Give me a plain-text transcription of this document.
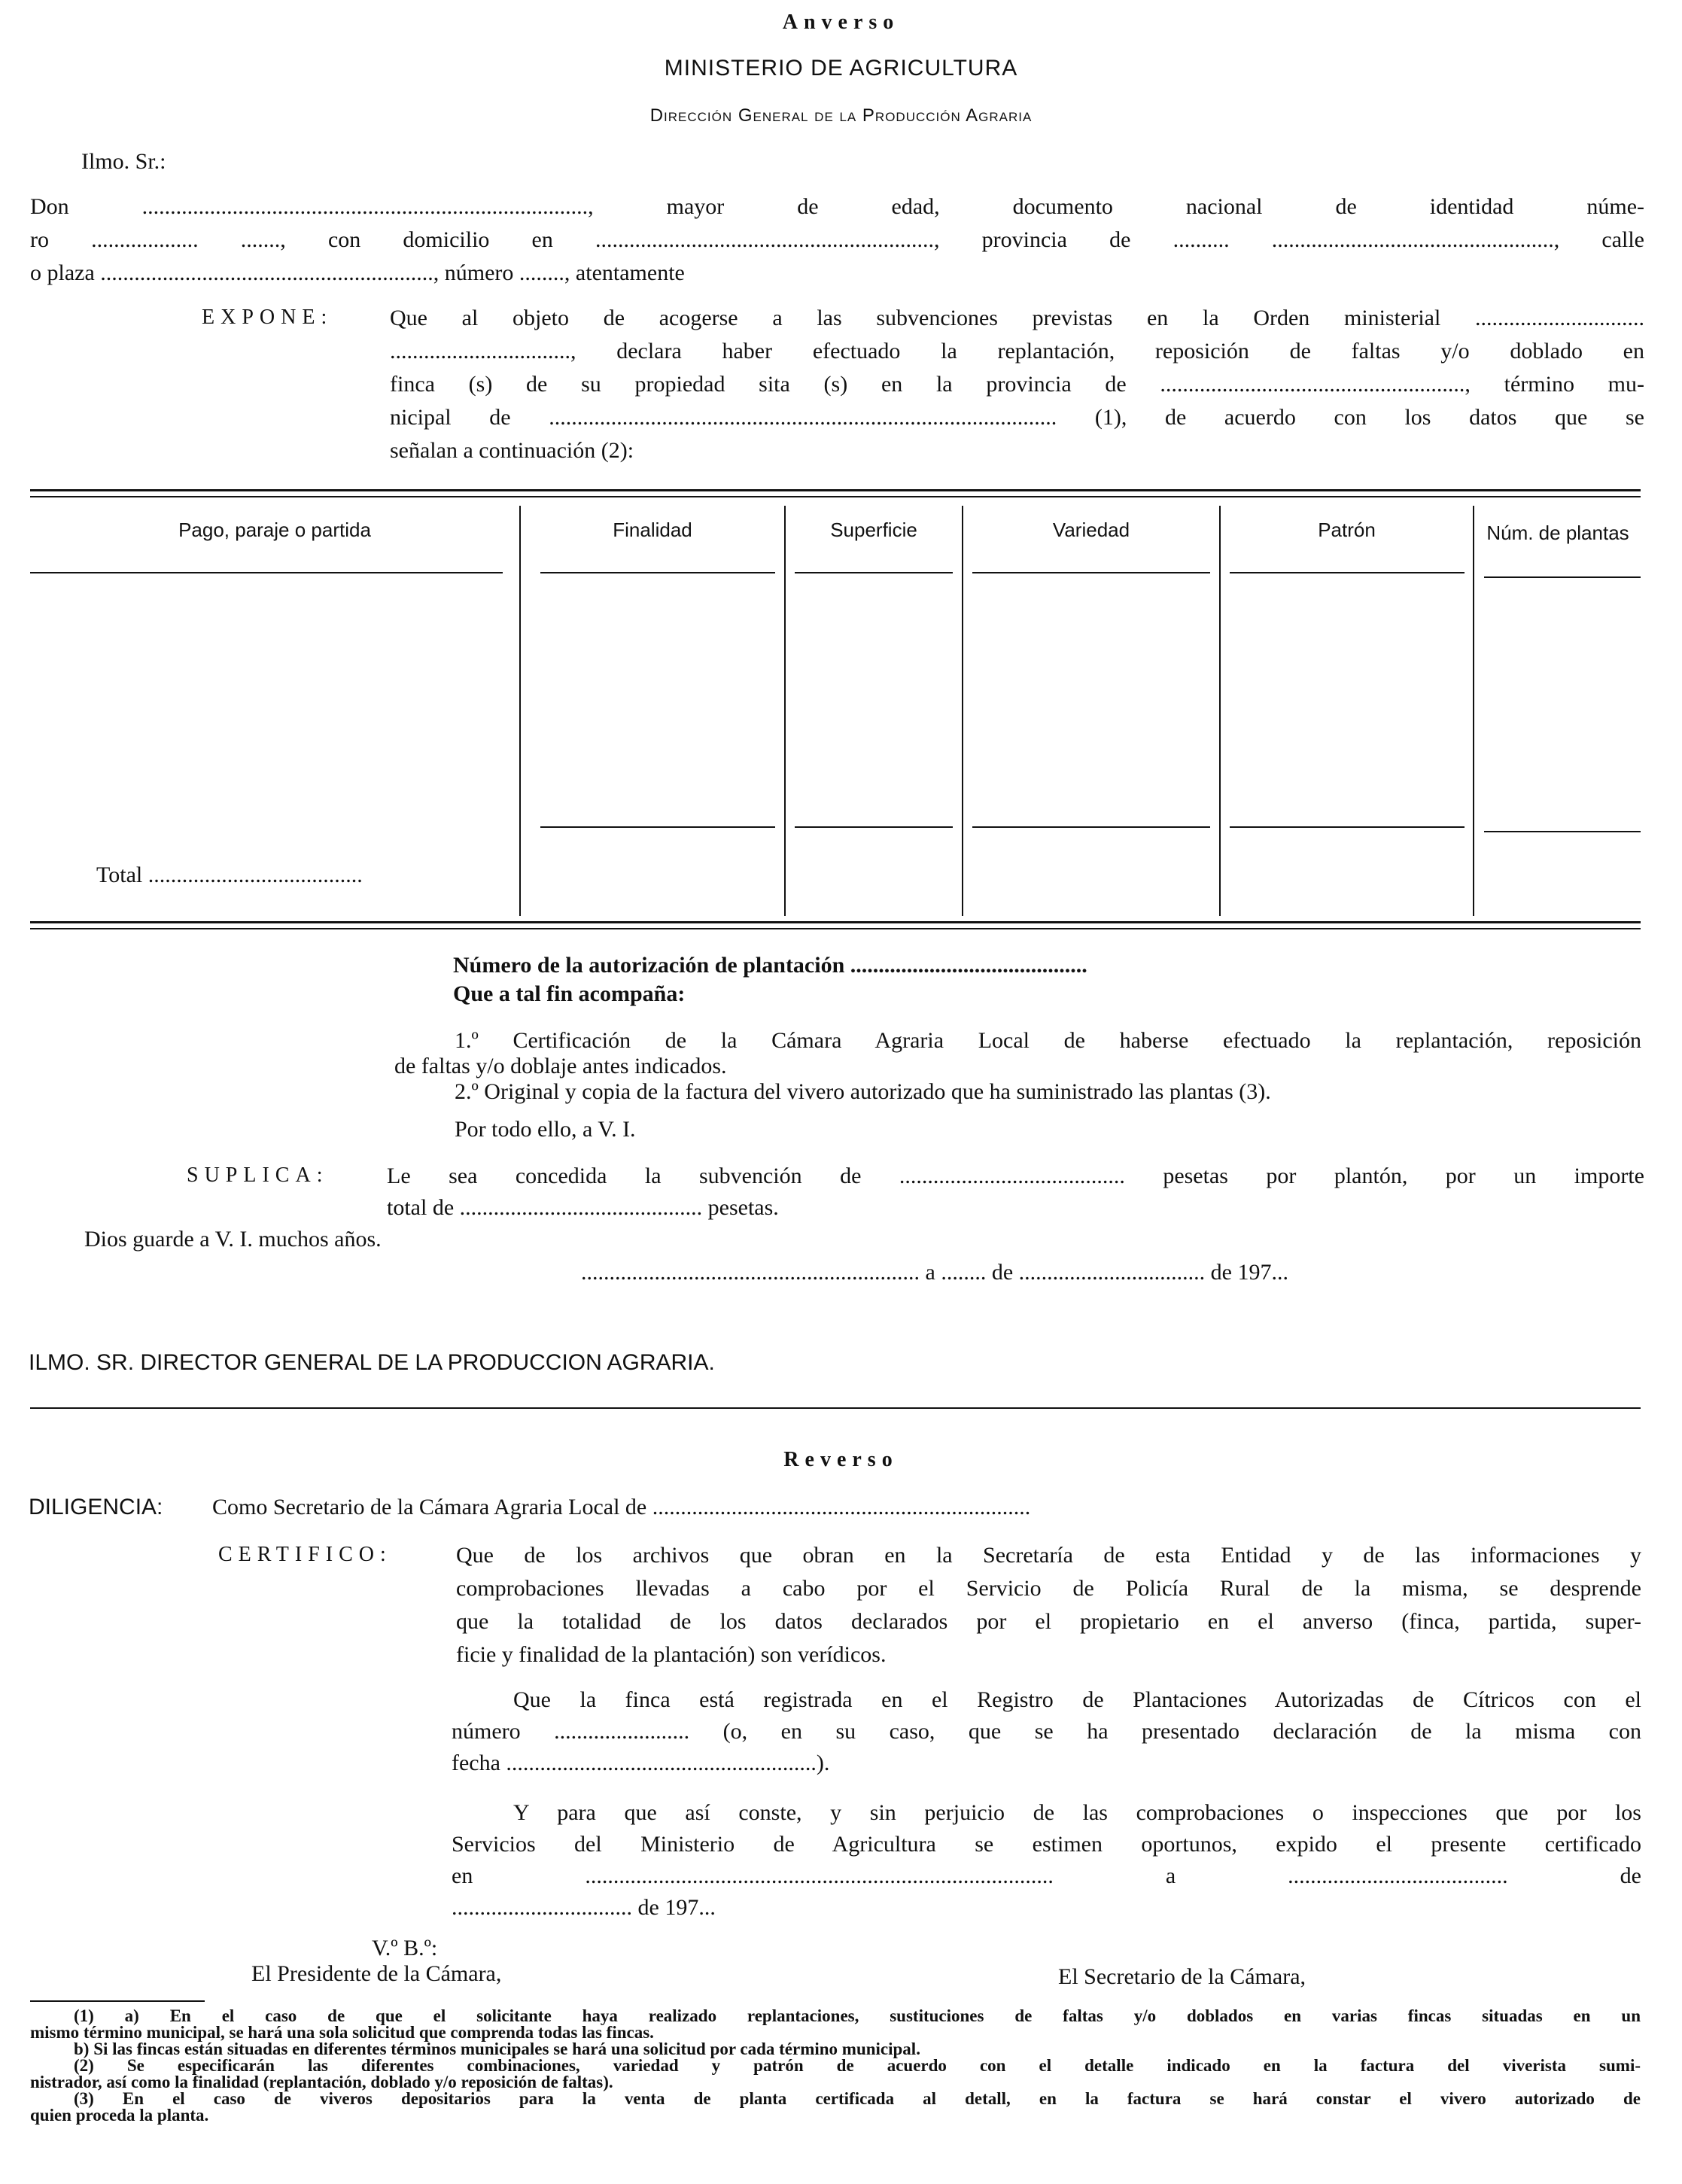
Anverso
MINISTERIO DE AGRICULTURA
Dirección General de la Producción Agraria
Ilmo. Sr.:
Don ..............................................................................., mayor de edad, documento nacional de identidad núme-
ro ................... ......., con domicilio en ............................................................, provincia de .......... .................................................., calle
o plaza ..........................................................., número ........, atentamente
EXPONE:	Que al objeto de acogerse a las subvenciones previstas en la Orden ministerial ..............................
................................, declara haber efectuado la replantación, reposición de faltas y/o doblado en
finca (s) de su propiedad sita (s) en la provincia de ......................................................, término mu-
nicipal de .......................................................................................... (1), de acuerdo con los datos que se
señalan a continuación (2):
Pago, paraje o partida	Finalidad	Superficie	Variedad	Patrón	Núm. de plantas
Total ......................................
Número de la autorización de plantación ..........................................
Que a tal fin acompaña:
1.º Certificación de la Cámara Agraria Local de haberse efectuado la replantación, reposición
de faltas y/o doblaje antes indicados.
2.º Original y copia de la factura del vivero autorizado que ha suministrado las plantas (3).
Por todo ello, a V. I.
SUPLICA:	Le sea concedida la subvención de ........................................ pesetas por plantón, por un importe
total de ........................................... pesetas.
Dios guarde a V. I. muchos años.
............................................................ a ........ de ................................. de 197...
ILMO. SR. DIRECTOR GENERAL DE LA PRODUCCION AGRARIA.
Reverso
DILIGENCIA: Como Secretario de la Cámara Agraria Local de ...................................................................
CERTIFICO:	Que de los archivos que obran en la Secretaría de esta Entidad y de las informaciones y
comprobaciones llevadas a cabo por el Servicio de Policía Rural de la misma, se desprende
que la totalidad de los datos declarados por el propietario en el anverso (finca, partida, super-
ficie y finalidad de la plantación) son verídicos.
Que la finca está registrada en el Registro de Plantaciones Autorizadas de Cítricos con el
número ........................ (o, en su caso, que se ha presentado declaración de la misma con
fecha .......................................................).
Y para que así conste, y sin perjuicio de las comprobaciones o inspecciones que por los
Servicios del Ministerio de Agricultura se estimen oportunos, expido el presente certificado
en ................................................................................... a ....................................... de
................................ de 197...
V.º B.º:
El Presidente de la Cámara,	El Secretario de la Cámara,
(1) a) En el caso de que el solicitante haya realizado replantaciones, sustituciones de faltas y/o doblados en varias fincas situadas en un
mismo término municipal, se hará una sola solicitud que comprenda todas las fincas.
b) Si las fincas están situadas en diferentes términos municipales se hará una solicitud por cada término municipal.
(2) Se especificarán las diferentes combinaciones, variedad y patrón de acuerdo con el detalle indicado en la factura del viverista sumi-
nistrador, así como la finalidad (replantación, doblado y/o reposición de faltas).
(3) En el caso de viveros depositarios para la venta de planta certificada al detall, en la factura se hará constar el vivero autorizado de
quien proceda la planta.
